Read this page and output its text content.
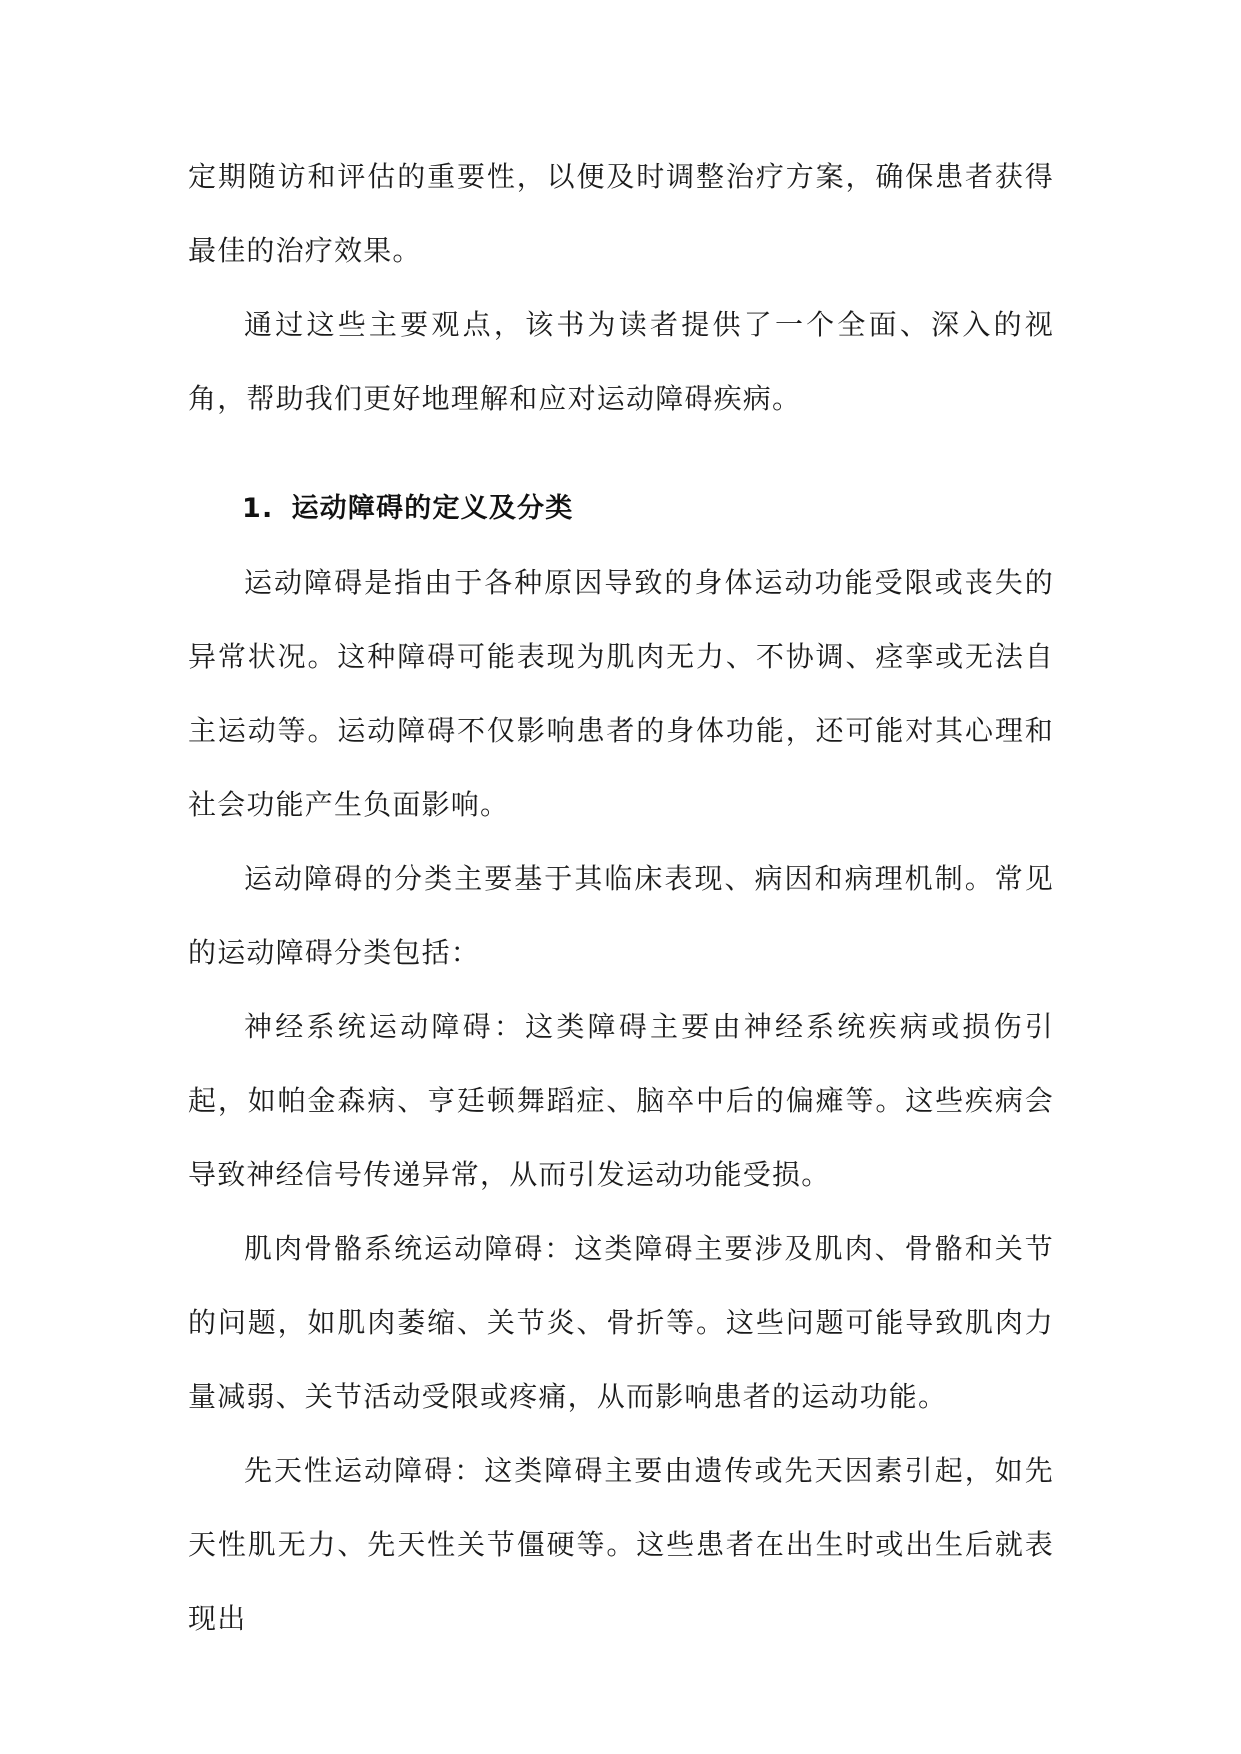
定期随访和评估的重要性，以便及时调整治疗方案，确保患者获得最佳的治疗效果。

通过这些主要观点，该书为读者提供了一个全面、深入的视角，帮助我们更好地理解和应对运动障碍疾病。

1. 运动障碍的定义及分类

运动障碍是指由于各种原因导致的身体运动功能受限或丧失的异常状况。这种障碍可能表现为肌肉无力、不协调、痉挛或无法自主运动等。运动障碍不仅影响患者的身体功能，还可能对其心理和社会功能产生负面影响。

运动障碍的分类主要基于其临床表现、病因和病理机制。常见的运动障碍分类包括：

神经系统运动障碍：这类障碍主要由神经系统疾病或损伤引起，如帕金森病、亨廷顿舞蹈症、脑卒中后的偏瘫等。这些疾病会导致神经信号传递异常，从而引发运动功能受损。

肌肉骨骼系统运动障碍：这类障碍主要涉及肌肉、骨骼和关节的问题，如肌肉萎缩、关节炎、骨折等。这些问题可能导致肌肉力量减弱、关节活动受限或疼痛，从而影响患者的运动功能。

先天性运动障碍：这类障碍主要由遗传或先天因素引起，如先天性肌无力、先天性关节僵硬等。这些患者在出生时或出生后就表现出
